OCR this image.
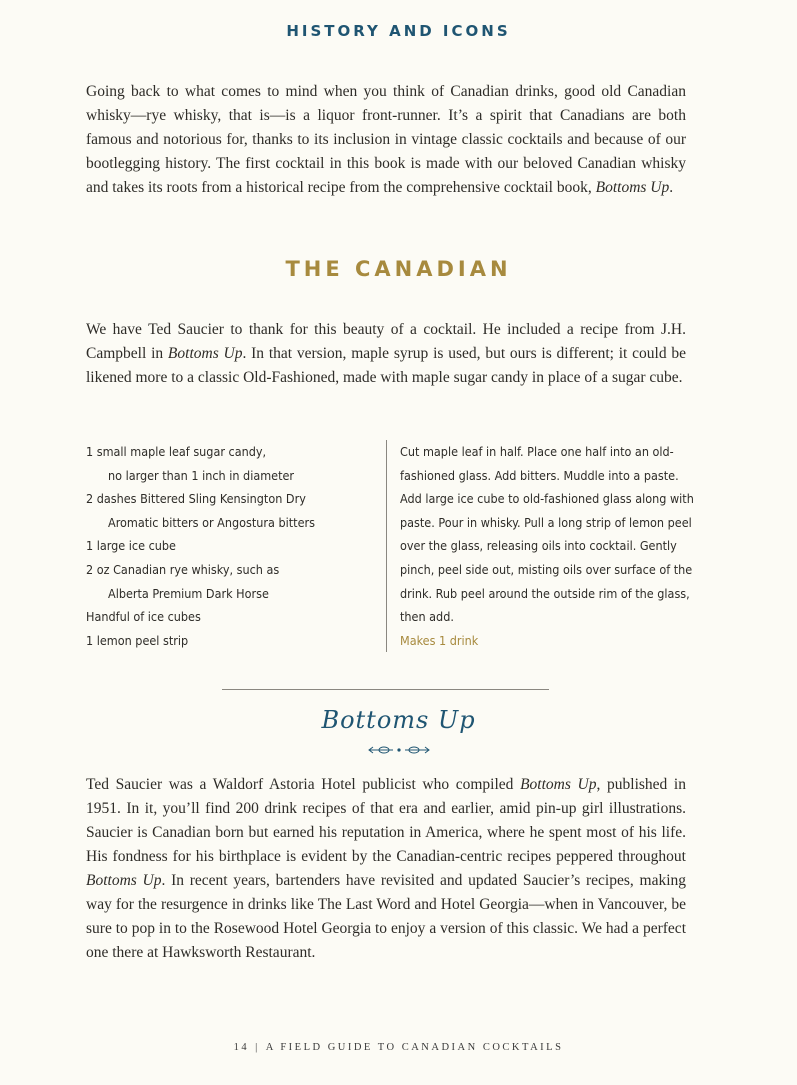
HISTORY AND ICONS

Going back to what comes to mind when you think of Canadian drinks, good old Canadian whisky—rye whisky, that is—is a liquor front-runner. It’s a spirit that Canadians are both famous and notorious for, thanks to its inclusion in vintage classic cocktails and because of our bootlegging history. The first cocktail in this book is made with our beloved Canadian whisky and takes its roots from a historical recipe from the comprehensive cocktail book, Bottoms Up.

THE CANADIAN

We have Ted Saucier to thank for this beauty of a cocktail. He included a recipe from J.H. Campbell in Bottoms Up. In that version, maple syrup is used, but ours is different; it could be likened more to a classic Old-Fashioned, made with maple sugar candy in place of a sugar cube.

1 small maple leaf sugar candy,
no larger than 1 inch in diameter
2 dashes Bittered Sling Kensington Dry
Aromatic bitters or Angostura bitters
1 large ice cube
2 oz Canadian rye whisky, such as
Alberta Premium Dark Horse
Handful of ice cubes
1 lemon peel strip

Cut maple leaf in half. Place one half into an old-fashioned glass. Add bitters. Muddle into a paste. Add large ice cube to old-fashioned glass along with paste. Pour in whisky. Pull a long strip of lemon peel over the glass, releasing oils into cocktail. Gently pinch, peel side out, misting oils over surface of the drink. Rub peel around the outside rim of the glass, then add.
Makes 1 drink

Bottoms Up

Ted Saucier was a Waldorf Astoria Hotel publicist who compiled Bottoms Up, published in 1951. In it, you’ll find 200 drink recipes of that era and earlier, amid pin-up girl illustrations. Saucier is Canadian born but earned his reputation in America, where he spent most of his life. His fondness for his birthplace is evident by the Canadian-centric recipes peppered throughout Bottoms Up. In recent years, bartenders have revisited and updated Saucier’s recipes, making way for the resurgence in drinks like The Last Word and Hotel Georgia—when in Vancouver, be sure to pop in to the Rosewood Hotel Georgia to enjoy a version of this classic. We had a perfect one there at Hawksworth Restaurant.

14 | A FIELD GUIDE TO CANADIAN COCKTAILS
